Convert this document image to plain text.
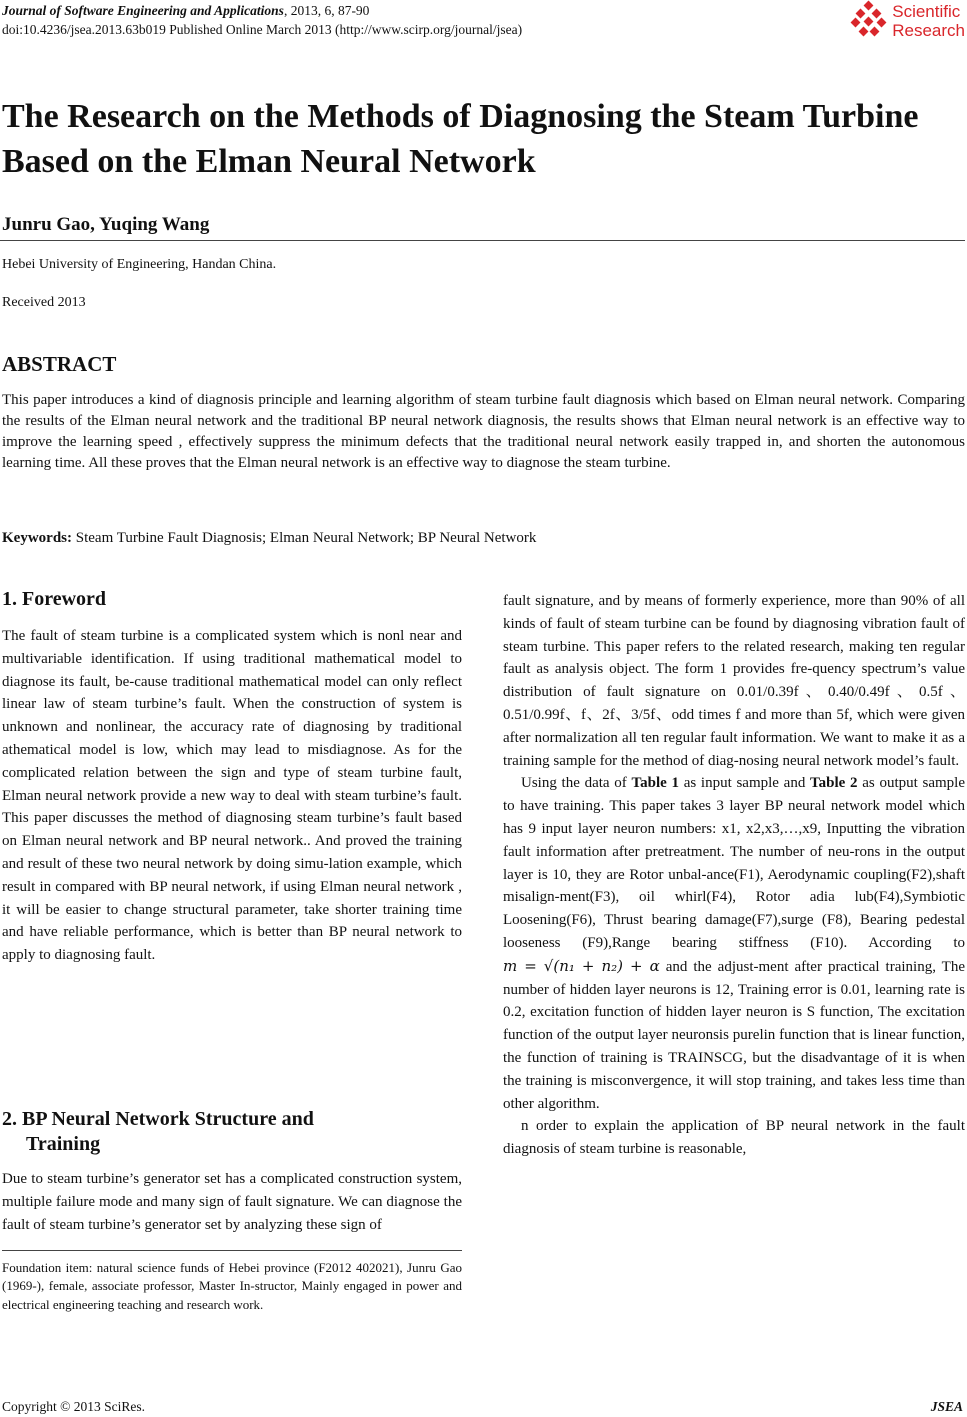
Journal of Software Engineering and Applications, 2013, 6, 87-90
doi:10.4236/jsea.2013.63b019 Published Online March 2013 (http://www.scirp.org/journal/jsea)
Scientific
Research
The Research on the Methods of Diagnosing the Steam Turbine Based on the Elman Neural Network
Junru Gao, Yuqing Wang
Hebei University of Engineering, Handan China.
Received 2013
ABSTRACT
This paper introduces a kind of diagnosis principle and learning algorithm of steam turbine fault diagnosis which based on Elman neural network. Comparing the results of the Elman neural network and the traditional BP neural network diagnosis, the results shows that Elman neural network is an effective way to improve the learning speed , effectively suppress the minimum defects that the traditional neural network easily trapped in, and shorten the autonomous learning time. All these proves that the Elman neural network is an effective way to diagnose the steam turbine.
Keywords: Steam Turbine Fault Diagnosis; Elman Neural Network; BP Neural Network
1. Foreword

The fault of steam turbine is a complicated system which is nonl near and multivariable identification. If using traditional mathematical model to diagnose its fault, be-cause traditional mathematical model can only reflect linear law of steam turbine’s fault. When the construction of system is unknown and nonlinear, the accuracy rate of diagnosing by traditional athematical model is low, which may lead to misdiagnose. As for the complicated relation between the sign and type of steam turbine fault, Elman neural network provide a new way to deal with steam turbine’s fault. This paper discusses the method of diagnosing steam turbine’s fault based on Elman neural network and BP neural network.. And proved the training and result of these two neural network by doing simu-lation example, which result in compared with BP neural network, if using Elman neural network , it will be easier to change structural parameter, take shorter training time and have reliable performance, which is better than BP neural network to apply to diagnosing fault.

2. BP Neural Network Structure and
Training

Due to steam turbine’s generator set has a complicated construction system, multiple failure mode and many sign of fault signature. We can diagnose the fault of steam turbine’s generator set by analyzing these sign of

Foundation item: natural science funds of Hebei province (F2012 402021), Junru Gao (1969-), female, associate professor, Master In-structor, Mainly engaged in power and electrical engineering teaching and research work.

fault signature, and by means of formerly experience, more than 90% of all kinds of fault of steam turbine can be found by diagnosing vibration fault of steam turbine. This paper refers to the related research, making ten regular fault as analysis object. The form 1 provides fre-quency spectrum’s value distribution of fault signature on 0.01/0.39f、0.40/0.49f、0.5f、0.51/0.99f、f、2f、3/5f、odd times f and more than 5f, which were given after normalization all ten regular fault information. We want to make it as a training sample for the method of diag-nosing neural network model’s fault.

Using the data of Table 1 as input sample and Table 2 as output sample to have training. This paper takes 3 layer BP neural network model which has 9 input layer neuron numbers: x1, x2,x3,…,x9, Inputting the vibration fault information after pretreatment. The number of neu-rons in the output layer is 10, they are Rotor unbal-ance(F1), Aerodynamic coupling(F2),shaft misalign-ment(F3), oil whirl(F4), Rotor adia lub(F4),Symbiotic Loosening(F6), Thrust bearing damage(F7),surge (F8), Bearing pedestal looseness (F9),Range bearing stiffness (F10). According to m = √(n₁ + n₂) + α and the adjust-ment after practical training, The number of hidden layer neurons is 12, Training error is 0.01, learning rate is 0.2, excitation function of hidden layer neuron is S function, The excitation function of the output layer neuronsis purelin function that is linear function, the function of training is TRAINSCG, but the disadvantage of it is when the training is misconvergence, it will stop training, and takes less time than other algorithm.

n order to explain the application of BP neural network in the fault diagnosis of steam turbine is reasonable,

Copyright © 2013 SciRes.	JSEA
